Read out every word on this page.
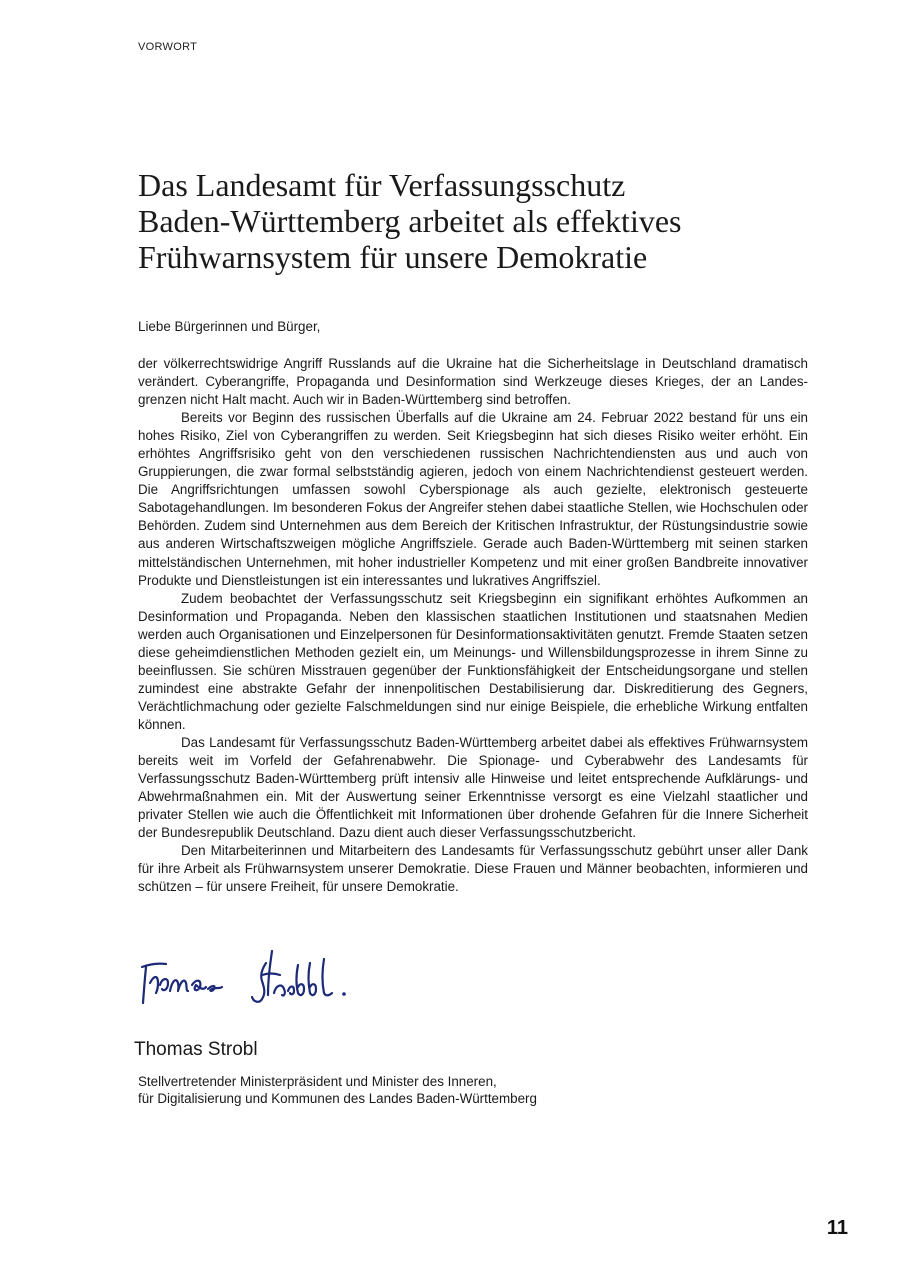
VORWORT
Das Landesamt für Verfassungsschutz
Baden-Württemberg arbeitet als effektives
Frühwarnsystem für unsere Demokratie
Liebe Bürgerinnen und Bürger,

der völkerrechtswidrige Angriff Russlands auf die Ukraine hat die Sicherheitslage in Deutschland dramatisch verändert. Cyberangriffe, Propaganda und Desinformation sind Werkzeuge dieses Krieges, der an Landesgrenzen nicht Halt macht. Auch wir in Baden-Württemberg sind betroffen.

Bereits vor Beginn des russischen Überfalls auf die Ukraine am 24. Februar 2022 bestand für uns ein hohes Risiko, Ziel von Cyberangriffen zu werden. Seit Kriegsbeginn hat sich dieses Risiko weiter erhöht. Ein erhöhtes Angriffsrisiko geht von den verschiedenen russischen Nachrichtendiensten aus und auch von Gruppierungen, die zwar formal selbstständig agieren, jedoch von einem Nachrichtendienst gesteuert werden. Die Angriffsrichtungen umfassen sowohl Cyberspionage als auch gezielte, elektronisch gesteuerte Sabotagehandlungen. Im besonderen Fokus der Angreifer stehen dabei staatliche Stellen, wie Hochschulen oder Behörden. Zudem sind Unternehmen aus dem Bereich der Kritischen Infrastruktur, der Rüstungsindustrie sowie aus anderen Wirtschaftszweigen mögliche Angriffsziele. Gerade auch Baden-Württemberg mit seinen starken mittelständischen Unternehmen, mit hoher industrieller Kompetenz und mit einer großen Bandbreite innovativer Produkte und Dienstleistungen ist ein interessantes und lukratives Angriffsziel.

Zudem beobachtet der Verfassungsschutz seit Kriegsbeginn ein signifikant erhöhtes Aufkommen an Desinformation und Propaganda. Neben den klassischen staatlichen Institutionen und staatsnahen Medien werden auch Organisationen und Einzelpersonen für Desinformationsaktivitäten genutzt. Fremde Staaten setzen diese geheimdienstlichen Methoden gezielt ein, um Meinungs- und Willensbildungsprozesse in ihrem Sinne zu beeinflussen. Sie schüren Misstrauen gegenüber der Funktionsfähigkeit der Entscheidungsorgane und stellen zumindest eine abstrakte Gefahr der innenpolitischen Destabilisierung dar. Diskreditierung des Gegners, Verächtlichmachung oder gezielte Falschmeldungen sind nur einige Beispiele, die erhebliche Wirkung entfalten können.

Das Landesamt für Verfassungsschutz Baden-Württemberg arbeitet dabei als effektives Frühwarnsystem bereits weit im Vorfeld der Gefahrenabwehr. Die Spionage- und Cyberabwehr des Landesamts für Verfassungsschutz Baden-Württemberg prüft intensiv alle Hinweise und leitet entsprechende Aufklärungs- und Abwehrmaßnahmen ein. Mit der Auswertung seiner Erkenntnisse versorgt es eine Vielzahl staatlicher und privater Stellen wie auch die Öffentlichkeit mit Informationen über drohende Gefahren für die Innere Sicherheit der Bundesrepublik Deutschland. Dazu dient auch dieser Verfassungsschutzbericht.

Den Mitarbeiterinnen und Mitarbeitern des Landesamts für Verfassungsschutz gebührt unser aller Dank für ihre Arbeit als Frühwarnsystem unserer Demokratie. Diese Frauen und Männer beobachten, informieren und schützen – für unsere Freiheit, für unsere Demokratie.

Thomas Strobl
Stellvertretender Ministerpräsident und Minister des Inneren,
für Digitalisierung und Kommunen des Landes Baden-Württemberg
11
